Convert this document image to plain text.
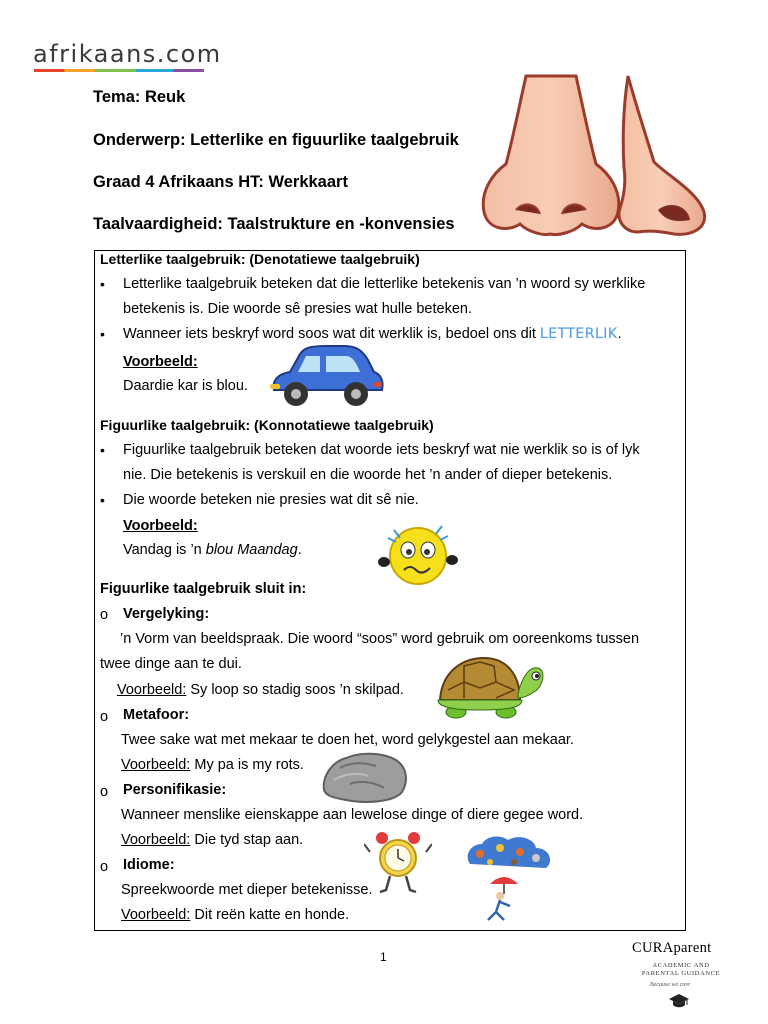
afrikaans.com
Tema: Reuk
Onderwerp: Letterlike en figuurlike taalgebruik
Graad 4 Afrikaans HT: Werkkaart
Taalvaardigheid: Taalstrukture en -konvensies
Letterlike taalgebruik: (Denotatiewe taalgebruik)
• Letterlike taalgebruik beteken dat die letterlike betekenis van ’n woord sy werklike
betekenis is. Die woorde sê presies wat hulle beteken.
• Wanneer iets beskryf word soos wat dit werklik is, bedoel ons dit LETTERLIK.
Voorbeeld:
Daardie kar is blou.
Figuurlike taalgebruik: (Konnotatiewe taalgebruik)
• Figuurlike taalgebruik beteken dat woorde iets beskryf wat nie werklik so is of lyk
nie. Die betekenis is verskuil en die woorde het ’n ander of dieper betekenis.
• Die woorde beteken nie presies wat dit sê nie.
Voorbeeld:
Vandag is ’n blou Maandag.
Figuurlike taalgebruik sluit in:
o Vergelyking:
’n Vorm van beeldspraak. Die woord “soos” word gebruik om ooreenkoms tussen
twee dinge aan te dui.
Voorbeeld: Sy loop so stadig soos ’n skilpad.
o Metafoor:
Twee sake wat met mekaar te doen het, word gelykgestel aan mekaar.
Voorbeeld: My pa is my rots.
o Personifikasie:
Wanneer menslike eienskappe aan lewelose dinge of diere gegee word.
Voorbeeld: Die tyd stap aan.
o Idiome:
Spreekwoorde met dieper betekenisse.
Voorbeeld: Dit reën katte en honde.
1
CURAparent
ACADEMIC AND PARENTAL GUIDANCE
Because we care
